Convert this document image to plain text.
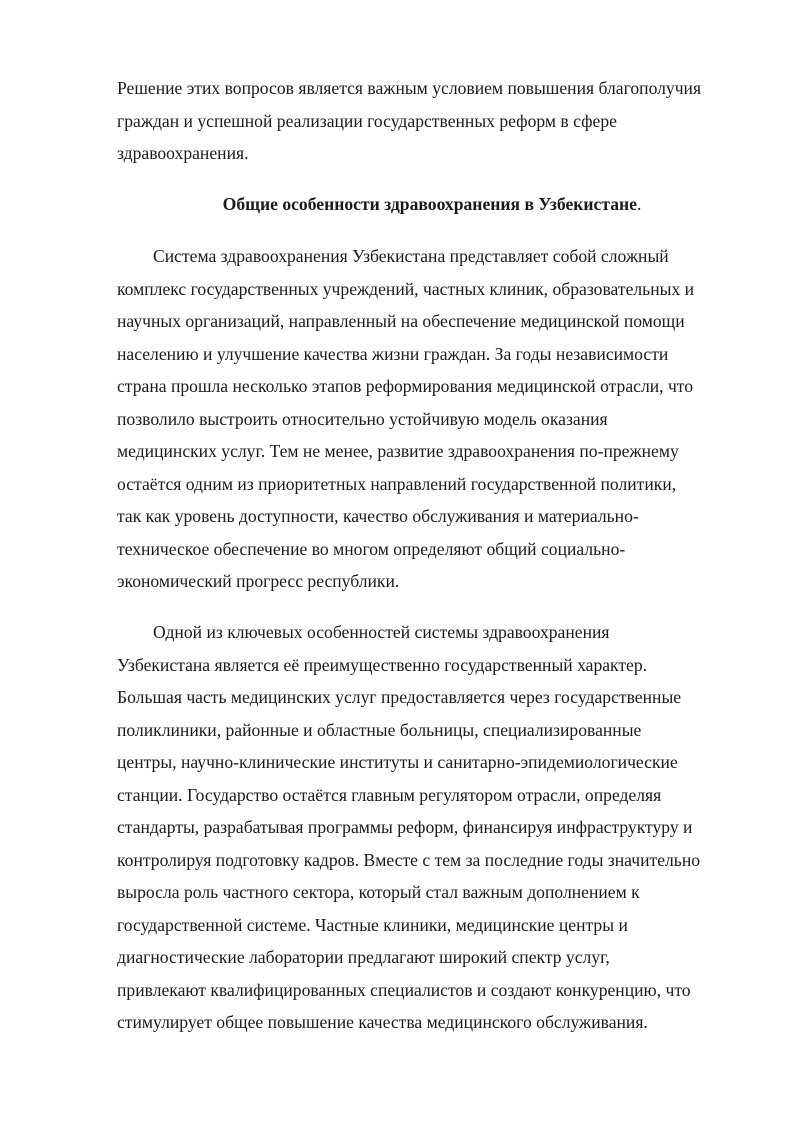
Решение этих вопросов является важным условием повышения благополучия
граждан и успешной реализации государственных реформ в сфере
здравоохранения.
Общие особенности здравоохранения в Узбекистане.
Система здравоохранения Узбекистана представляет собой сложный
комплекс государственных учреждений, частных клиник, образовательных и
научных организаций, направленный на обеспечение медицинской помощи
населению и улучшение качества жизни граждан. За годы независимости
страна прошла несколько этапов реформирования медицинской отрасли, что
позволило выстроить относительно устойчивую модель оказания
медицинских услуг. Тем не менее, развитие здравоохранения по-прежнему
остаётся одним из приоритетных направлений государственной политики,
так как уровень доступности, качество обслуживания и материально-
техническое обеспечение во многом определяют общий социально-
экономический прогресс республики.
Одной из ключевых особенностей системы здравоохранения
Узбекистана является её преимущественно государственный характер.
Большая часть медицинских услуг предоставляется через государственные
поликлиники, районные и областные больницы, специализированные
центры, научно-клинические институты и санитарно-эпидемиологические
станции. Государство остаётся главным регулятором отрасли, определяя
стандарты, разрабатывая программы реформ, финансируя инфраструктуру и
контролируя подготовку кадров. Вместе с тем за последние годы значительно
выросла роль частного сектора, который стал важным дополнением к
государственной системе. Частные клиники, медицинские центры и
диагностические лаборатории предлагают широкий спектр услуг,
привлекают квалифицированных специалистов и создают конкуренцию, что
стимулирует общее повышение качества медицинского обслуживания.
